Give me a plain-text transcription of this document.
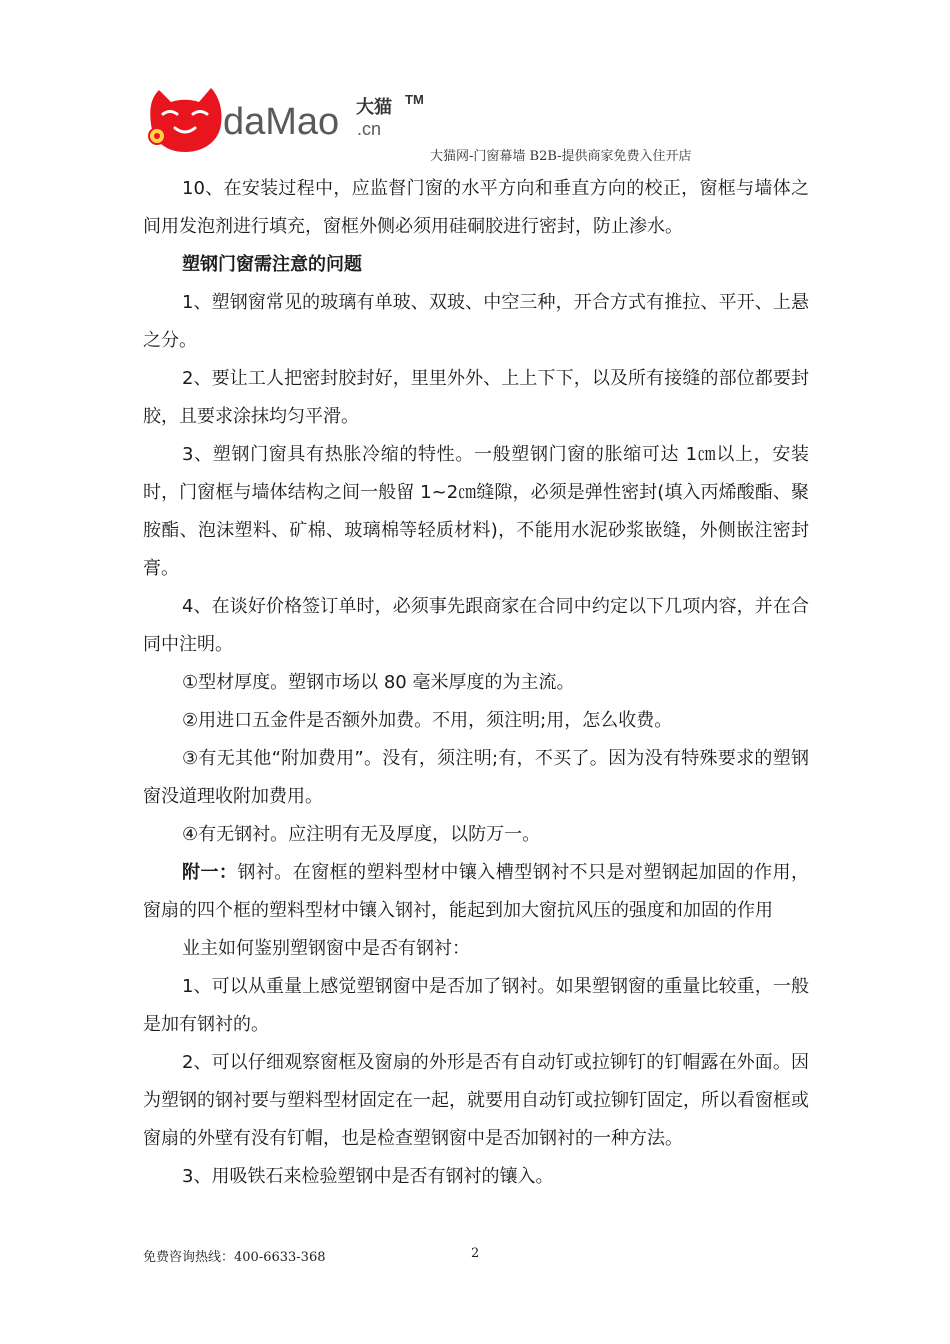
daMao 大猫
.cn
TM
大猫网-门窗幕墙 B2B-提供商家免费入住开店

10、在安装过程中，应监督门窗的水平方向和垂直方向的校正，窗框与墙体之间用发泡剂进行填充，窗框外侧必须用硅硐胶进行密封，防止渗水。

塑钢门窗需注意的问题

1、塑钢窗常见的玻璃有单玻、双玻、中空三种，开合方式有推拉、平开、上悬之分。

2、要让工人把密封胶封好，里里外外、上上下下，以及所有接缝的部位都要封胶，且要求涂抹均匀平滑。

3、塑钢门窗具有热胀冷缩的特性。一般塑钢门窗的胀缩可达 1㎝以上，安装时，门窗框与墙体结构之间一般留 1~2㎝缝隙，必须是弹性密封(填入丙烯酸酯、聚胺酯、泡沫塑料、矿棉、玻璃棉等轻质材料)，不能用水泥砂浆嵌缝，外侧嵌注密封膏。

4、在谈好价格签订单时，必须事先跟商家在合同中约定以下几项内容，并在合同中注明。

①型材厚度。塑钢市场以 80 毫米厚度的为主流。

②用进口五金件是否额外加费。不用，须注明;用，怎么收费。

③有无其他“附加费用”。没有，须注明;有，不买了。因为没有特殊要求的塑钢窗没道理收附加费用。

④有无钢衬。应注明有无及厚度，以防万一。

附一：钢衬。在窗框的塑料型材中镶入槽型钢衬不只是对塑钢起加固的作用，窗扇的四个框的塑料型材中镶入钢衬，能起到加大窗抗风压的强度和加固的作用

业主如何鉴别塑钢窗中是否有钢衬：

1、可以从重量上感觉塑钢窗中是否加了钢衬。如果塑钢窗的重量比较重，一般是加有钢衬的。

2、可以仔细观察窗框及窗扇的外形是否有自动钉或拉铆钉的钉帽露在外面。因为塑钢的钢衬要与塑料型材固定在一起，就要用自动钉或拉铆钉固定，所以看窗框或窗扇的外壁有没有钉帽，也是检查塑钢窗中是否加钢衬的一种方法。

3、用吸铁石来检验塑钢中是否有钢衬的镶入。

免费咨询热线：400-6633-368	2
